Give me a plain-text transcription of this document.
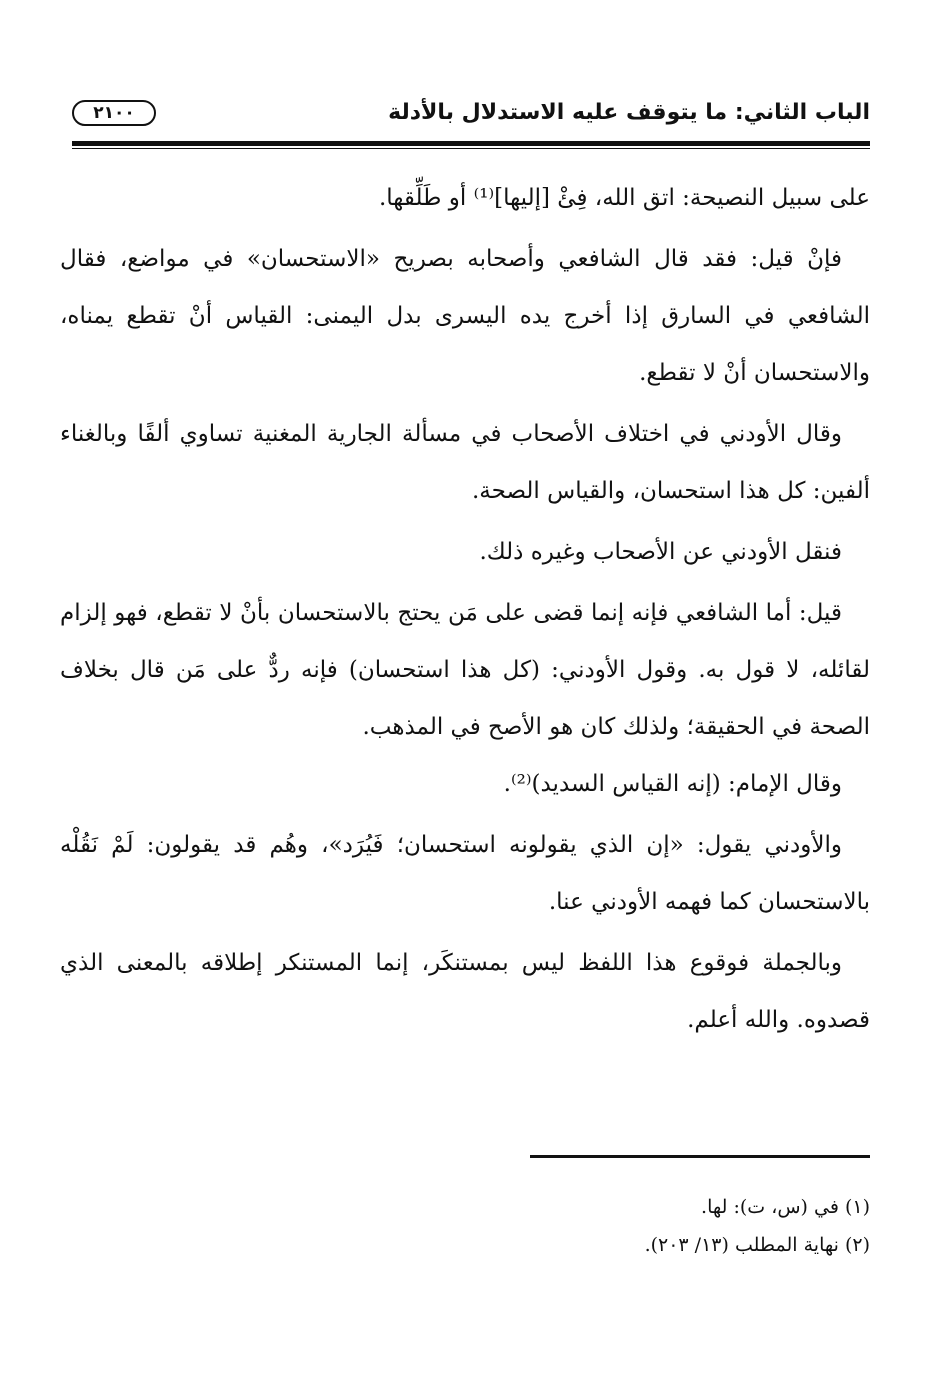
الباب الثاني: ما يتوقف عليه الاستدلال بالأدلة
٢١٠٠

على سبيل النصيحة: اتق الله، فِئْ [إليها]⁽¹⁾ أو طَلِّقها.

فإنْ قيل: فقد قال الشافعي وأصحابه بصريح «الاستحسان» في مواضع، فقال الشافعي في السارق إذا أخرج يده اليسرى بدل اليمنى: القياس أنْ تقطع يمناه، والاستحسان أنْ لا تقطع.

وقال الأودني في اختلاف الأصحاب في مسألة الجارية المغنية تساوي ألفًا وبالغناء ألفين: كل هذا استحسان، والقياس الصحة.

فنقل الأودني عن الأصحاب وغيره ذلك.

قيل: أما الشافعي فإنه إنما قضى على مَن يحتج بالاستحسان بأنْ لا تقطع، فهو إلزام لقائله، لا قول به. وقول الأودني: (كل هذا استحسان) فإنه ردٌّ على مَن قال بخلاف الصحة في الحقيقة؛ ولذلك كان هو الأصح في المذهب.

وقال الإمام: (إنه القياس السديد)⁽²⁾.

والأودني يقول: «إن الذي يقولونه استحسان؛ فَيُرَد»، وهُم قد يقولون: لَمْ نَقُلْه بالاستحسان كما فهمه الأودني عنا.

وبالجملة فوقوع هذا اللفظ ليس بمستنكَر، إنما المستنكر إطلاقه بالمعنى الذي قصدوه. والله أعلم.

(١) في (س، ت): لها.

(٢) نهاية المطلب (١٣/ ٢٠٣).
